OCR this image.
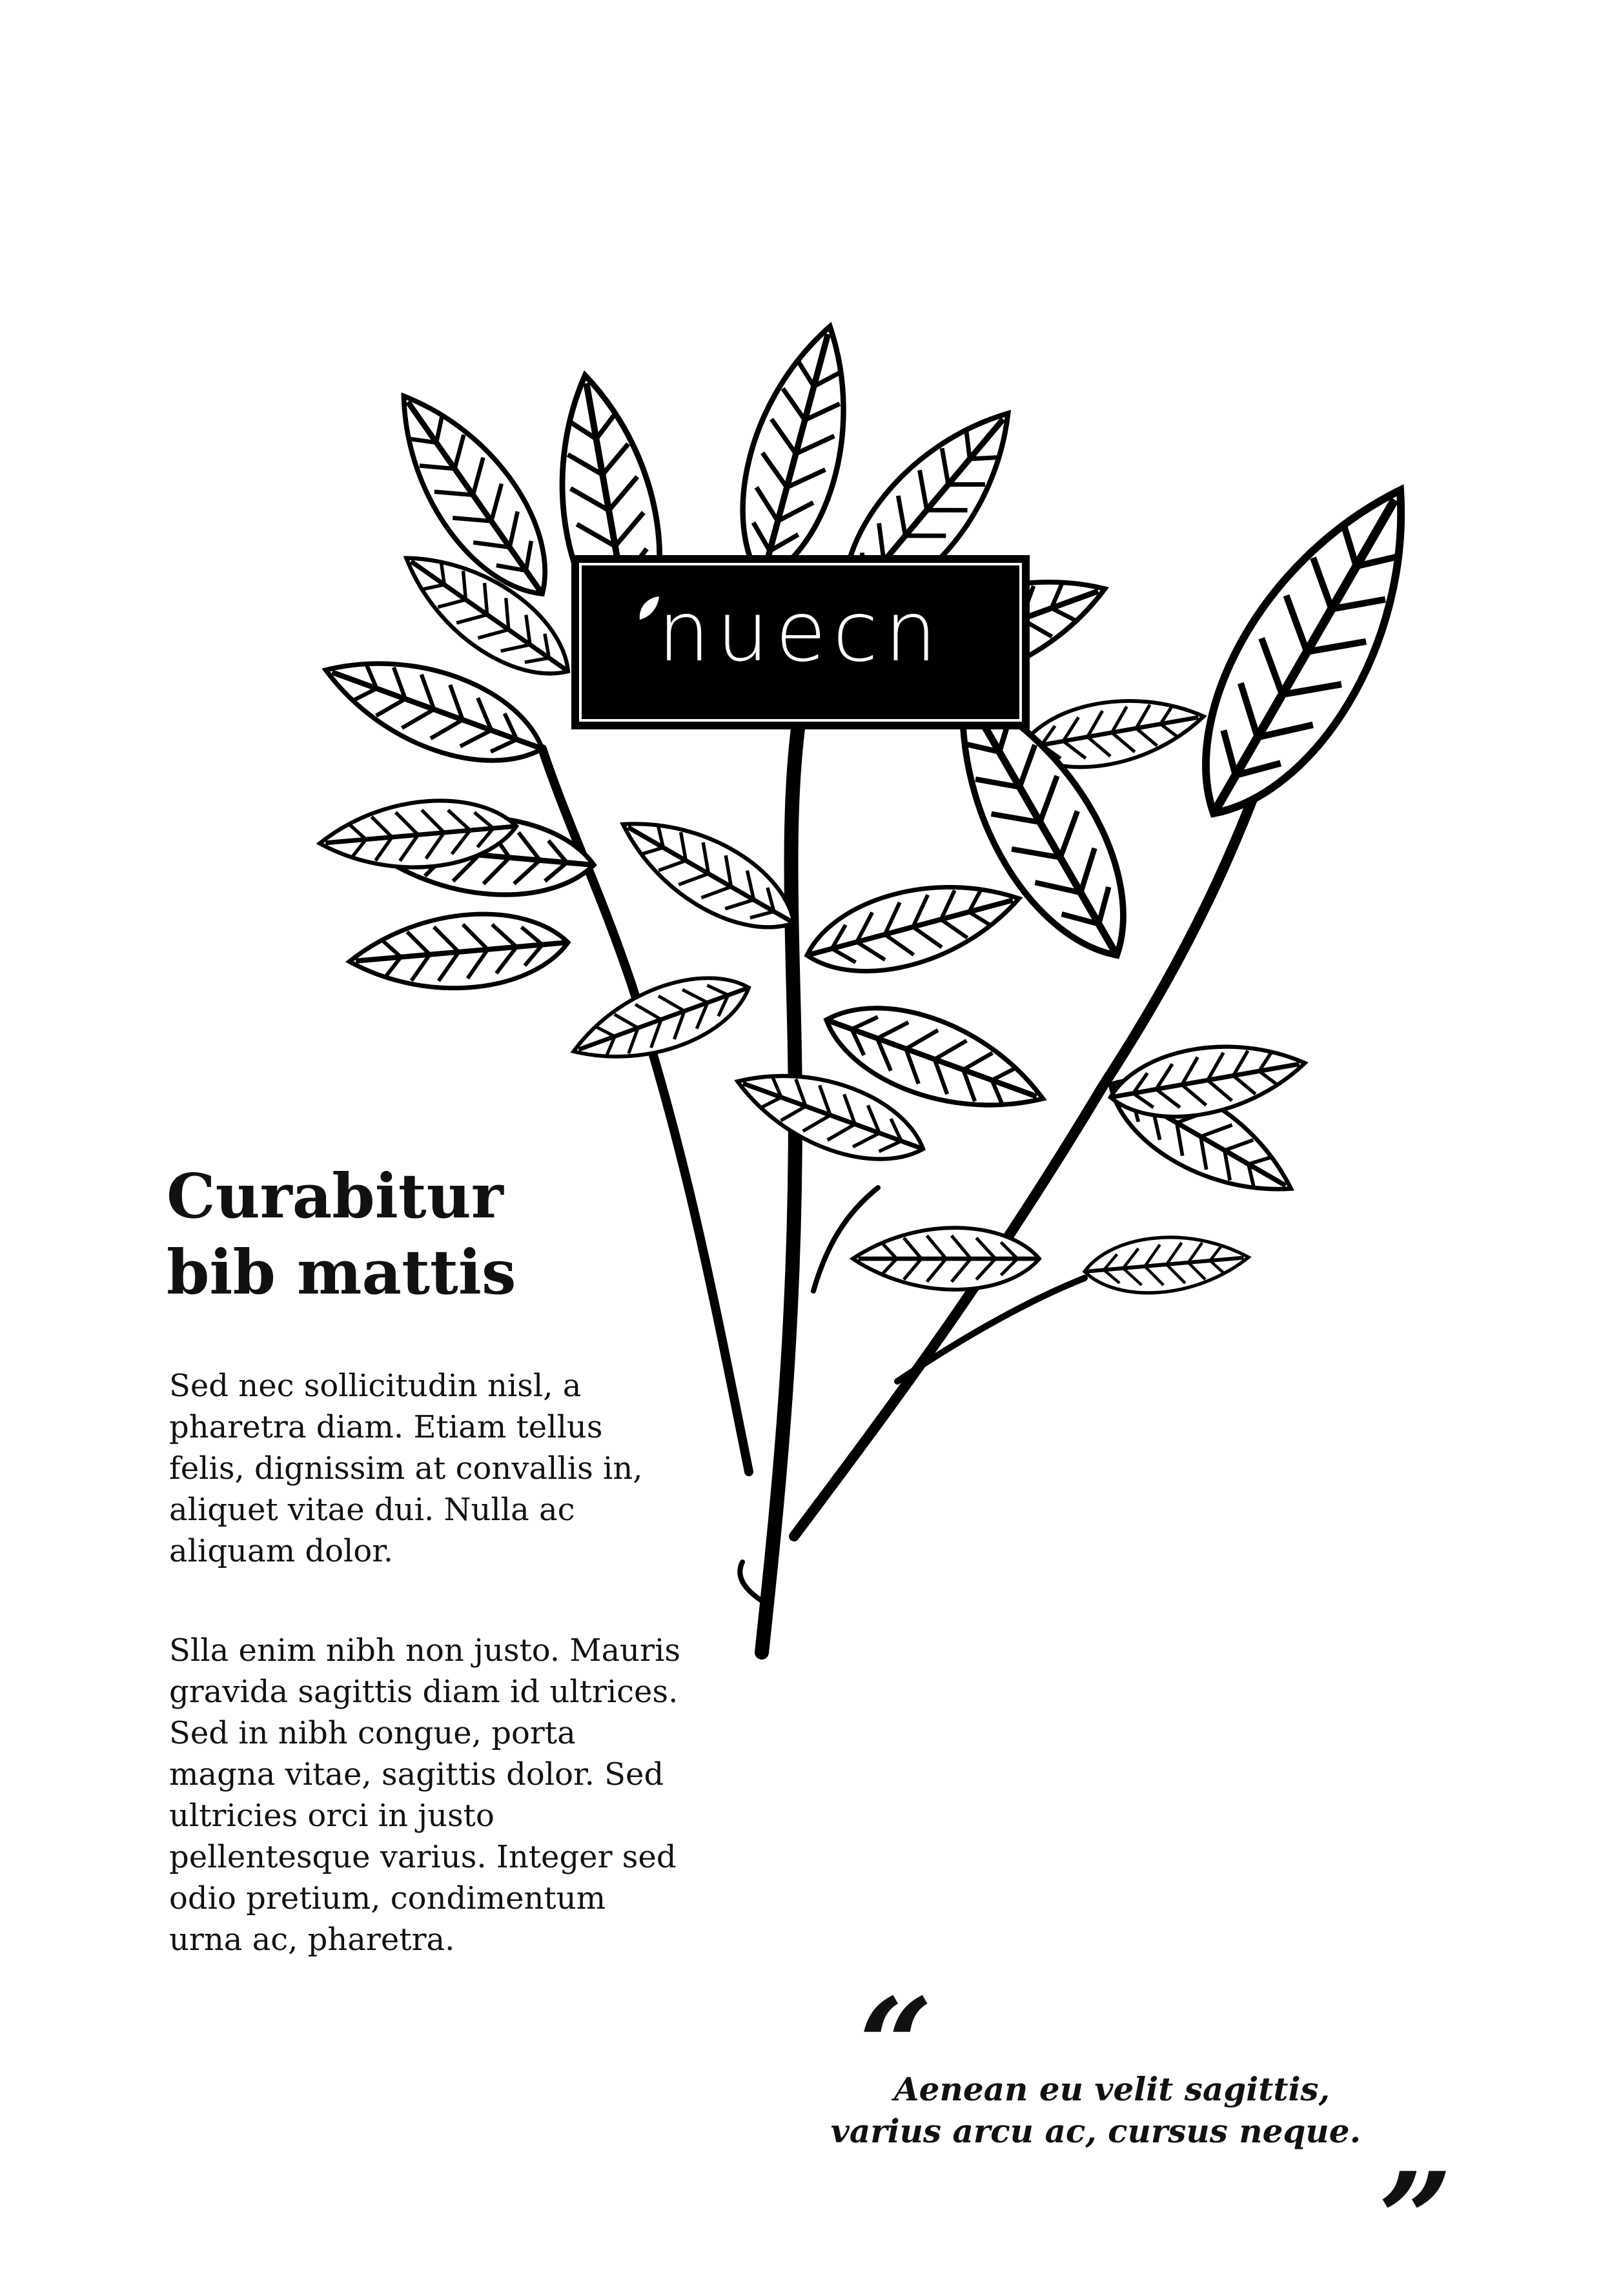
nuecn
Curabitur
bib mattis

Sed nec sollicitudin nisl, a pharetra diam. Etiam tellus felis, dignissim at convallis in, aliquet vitae dui. Nulla ac aliquam dolor.

Slla enim nibh non justo. Mauris gravida sagittis diam id ultrices. Sed in nibh congue, porta magna vitae, sagittis dolor. Sed ultricies orci in justo pellentesque varius. Integer sed odio pretium, condimentum urna ac, pharetra.

“
Aenean eu velit sagittis,
varius arcu ac, cursus neque.
”
